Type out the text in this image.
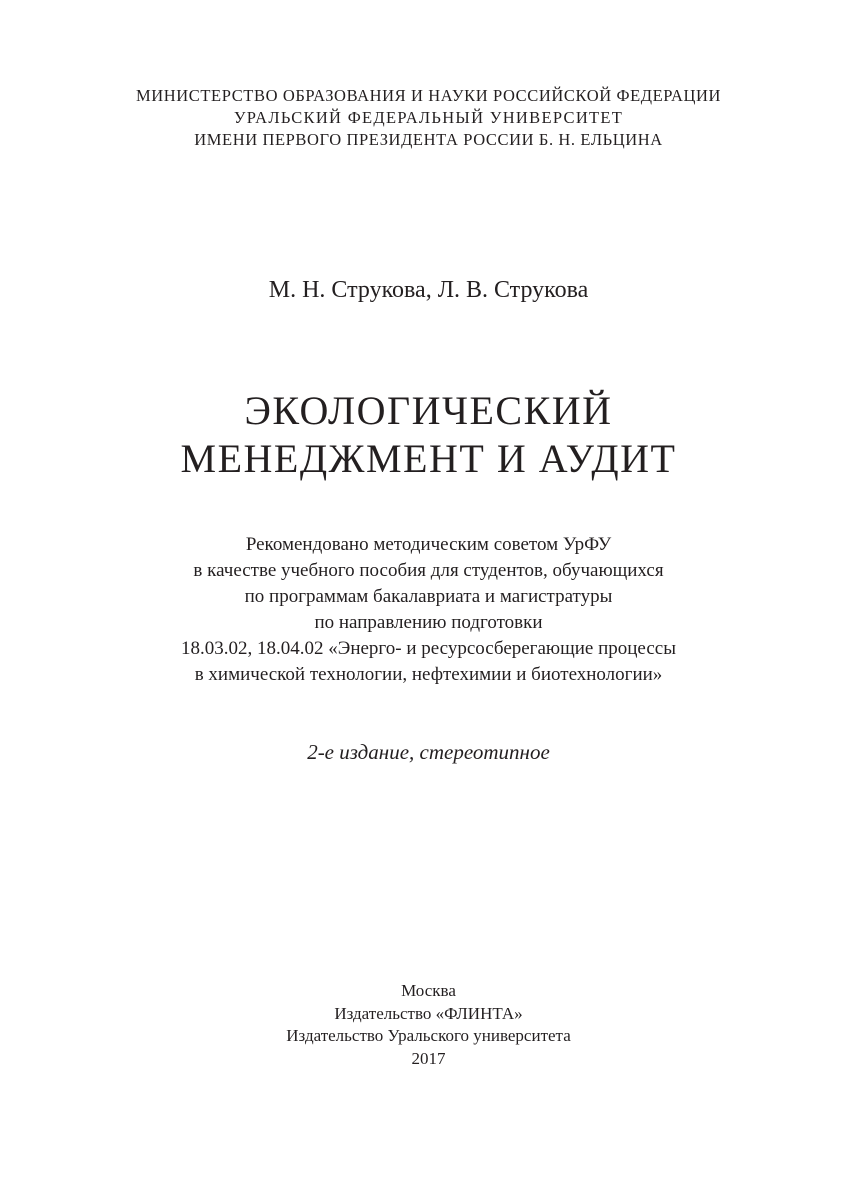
МИНИСТЕРСТВО ОБРАЗОВАНИЯ И НАУКИ РОССИЙСКОЙ ФЕДЕРАЦИИ
УРАЛЬСКИЙ ФЕДЕРАЛЬНЫЙ УНИВЕРСИТЕТ
ИМЕНИ ПЕРВОГО ПРЕЗИДЕНТА РОССИИ Б. Н. ЕЛЬЦИНА
М. Н. Струкова, Л. В. Струкова
ЭКОЛОГИЧЕСКИЙ
МЕНЕДЖМЕНТ И АУДИТ
Рекомендовано методическим советом УрФУ
в качестве учебного пособия для студентов, обучающихся
по программам бакалавриата и магистратуры
по направлению подготовки
18.03.02, 18.04.02 «Энерго- и ресурсосберегающие процессы
в химической технологии, нефтехимии и биотехнологии»
2-е издание, стереотипное
Москва
Издательство «ФЛИНТА»
Издательство Уральского университета
2017
